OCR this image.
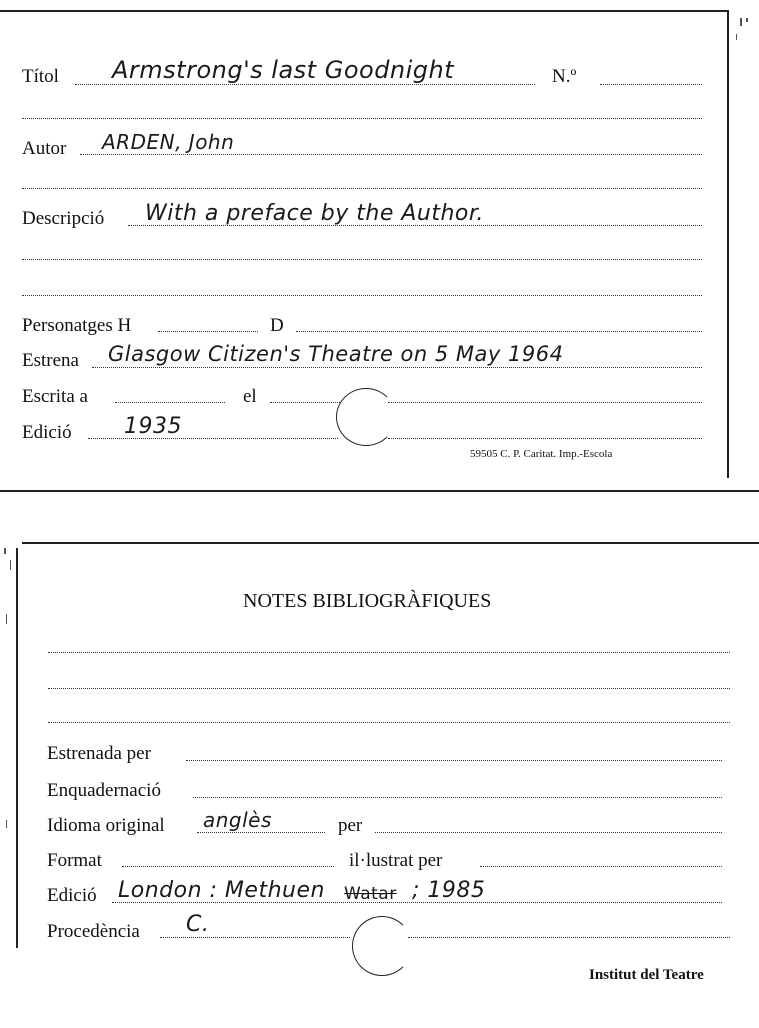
Títol Armstrong's last Goodnight	N.º
Autor ARDEN, John
Descripció With a preface by the Author.
Personatges H	D
Estrena Glasgow Citizen's Theatre on 5 May 1964
Escrita a	el
Edició 1935
59505 C. P. Caritat. Imp.-Escola
NOTES BIBLIOGRÀFIQUES
Estrenada per
Enquadernació
Idioma original anglès	per
Format	il·lustrat per
Edició London : Methuen Watar ; 1985
Procedència C.
Institut del Teatre
